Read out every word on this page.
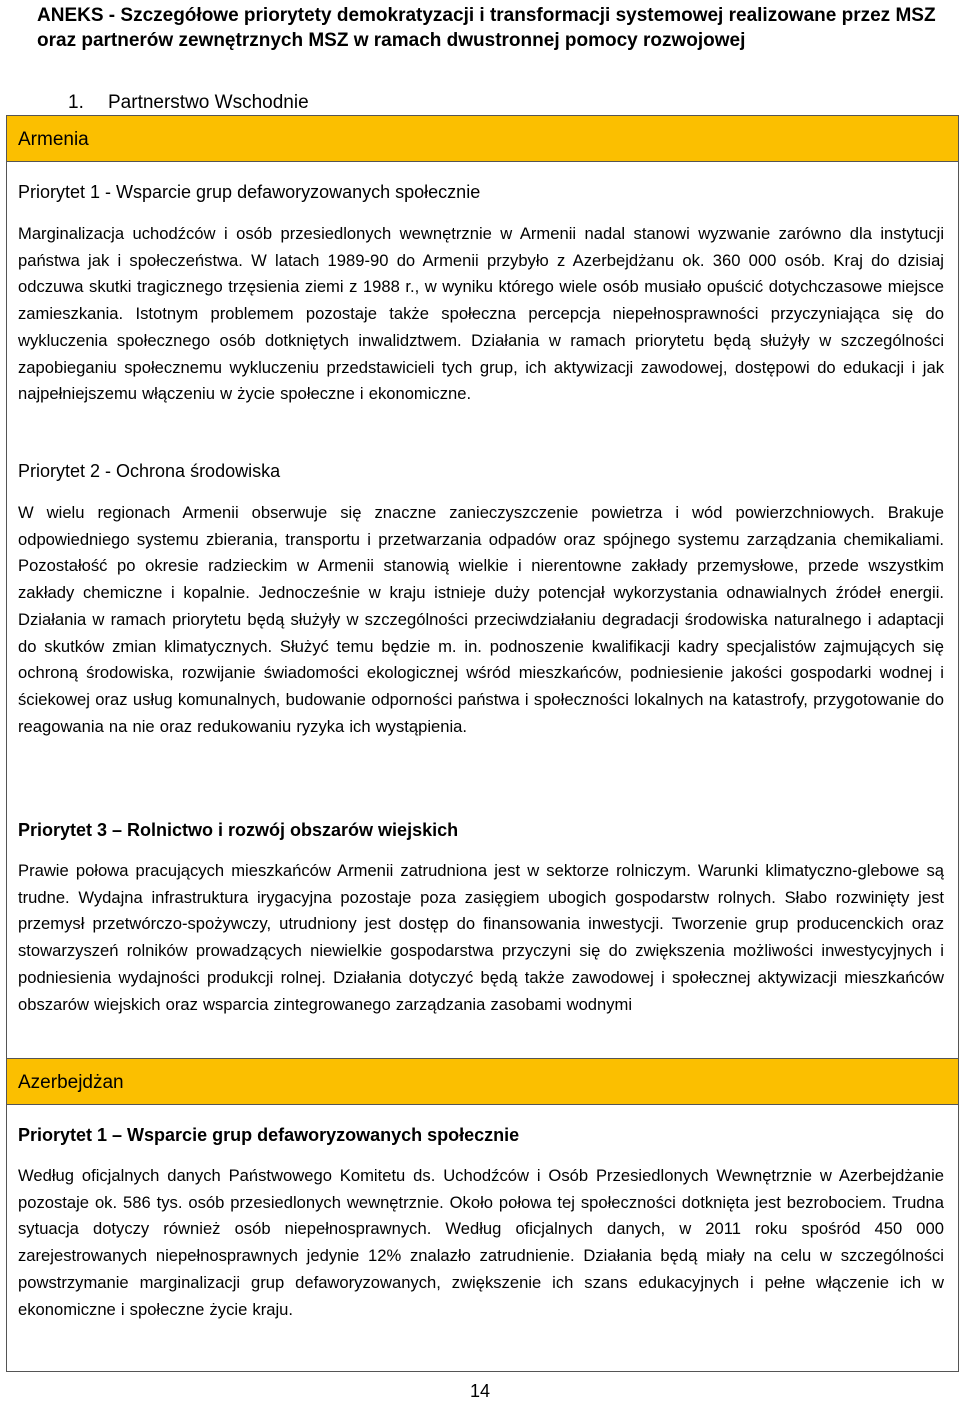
ANEKS - Szczegółowe priorytety demokratyzacji i transformacji systemowej realizowane przez MSZ oraz partnerów zewnętrznych MSZ w ramach dwustronnej pomocy rozwojowej
1. Partnerstwo Wschodnie
Armenia
Priorytet 1 - Wsparcie grup defaworyzowanych społecznie

Marginalizacja uchodźców i osób przesiedlonych wewnętrznie w Armenii nadal stanowi wyzwanie zarówno dla instytucji państwa jak i społeczeństwa. W latach 1989-90 do Armenii przybyło z Azerbejdżanu ok. 360 000 osób. Kraj do dzisiaj odczuwa skutki tragicznego trzęsienia ziemi z 1988 r., w wyniku którego wiele osób musiało opuścić dotychczasowe miejsce zamieszkania. Istotnym problemem pozostaje także społeczna percepcja niepełnosprawności przyczyniająca się do wykluczenia społecznego osób dotkniętych inwalidztwem. Działania w ramach priorytetu będą służyły w szczególności zapobieganiu społecznemu wykluczeniu przedstawicieli tych grup, ich aktywizacji zawodowej, dostępowi do edukacji i jak najpełniejszemu włączeniu w życie społeczne i ekonomiczne.

Priorytet 2 - Ochrona środowiska

W wielu regionach Armenii obserwuje się znaczne zanieczyszczenie powietrza i wód powierzchniowych. Brakuje odpowiedniego systemu zbierania, transportu i przetwarzania odpadów oraz spójnego systemu zarządzania chemikaliami. Pozostałość po okresie radzieckim w Armenii stanowią wielkie i nierentowne zakłady przemysłowe, przede wszystkim zakłady chemiczne i kopalnie. Jednocześnie w kraju istnieje duży potencjał wykorzystania odnawialnych źródeł energii. Działania w ramach priorytetu będą służyły w szczególności przeciwdziałaniu degradacji środowiska naturalnego i adaptacji do skutków zmian klimatycznych. Służyć temu będzie m. in. podnoszenie kwalifikacji kadry specjalistów zajmujących się ochroną środowiska, rozwijanie świadomości ekologicznej wśród mieszkańców, podniesienie jakości gospodarki wodnej i ściekowej oraz usług komunalnych, budowanie odporności państwa i społeczności lokalnych na katastrofy, przygotowanie do reagowania na nie oraz redukowaniu ryzyka ich wystąpienia.

Priorytet 3 – Rolnictwo i rozwój obszarów wiejskich

Prawie połowa pracujących mieszkańców Armenii zatrudniona jest w sektorze rolniczym. Warunki klimatyczno-glebowe są trudne. Wydajna infrastruktura irygacyjna pozostaje poza zasięgiem ubogich gospodarstw rolnych. Słabo rozwinięty jest przemysł przetwórczo-spożywczy, utrudniony jest dostęp do finansowania inwestycji. Tworzenie grup producenckich oraz stowarzyszeń rolników prowadzących niewielkie gospodarstwa przyczyni się do zwiększenia możliwości inwestycyjnych i podniesienia wydajności produkcji rolnej. Działania dotyczyć będą także zawodowej i społecznej aktywizacji mieszkańców obszarów wiejskich oraz wsparcia zintegrowanego zarządzania zasobami wodnymi

Azerbejdżan
Priorytet 1 – Wsparcie grup defaworyzowanych społecznie

Według oficjalnych danych Państwowego Komitetu ds. Uchodźców i Osób Przesiedlonych Wewnętrznie w Azerbejdżanie pozostaje ok. 586 tys. osób przesiedlonych wewnętrznie. Około połowa tej społeczności dotknięta jest bezrobociem. Trudna sytuacja dotyczy również osób niepełnosprawnych. Według oficjalnych danych, w 2011 roku spośród 450 000 zarejestrowanych niepełnosprawnych jedynie 12% znalazło zatrudnienie. Działania będą miały na celu w szczególności powstrzymanie marginalizacji grup defaworyzowanych, zwiększenie ich szans edukacyjnych i pełne włączenie ich w ekonomiczne i społeczne życie kraju.

14
